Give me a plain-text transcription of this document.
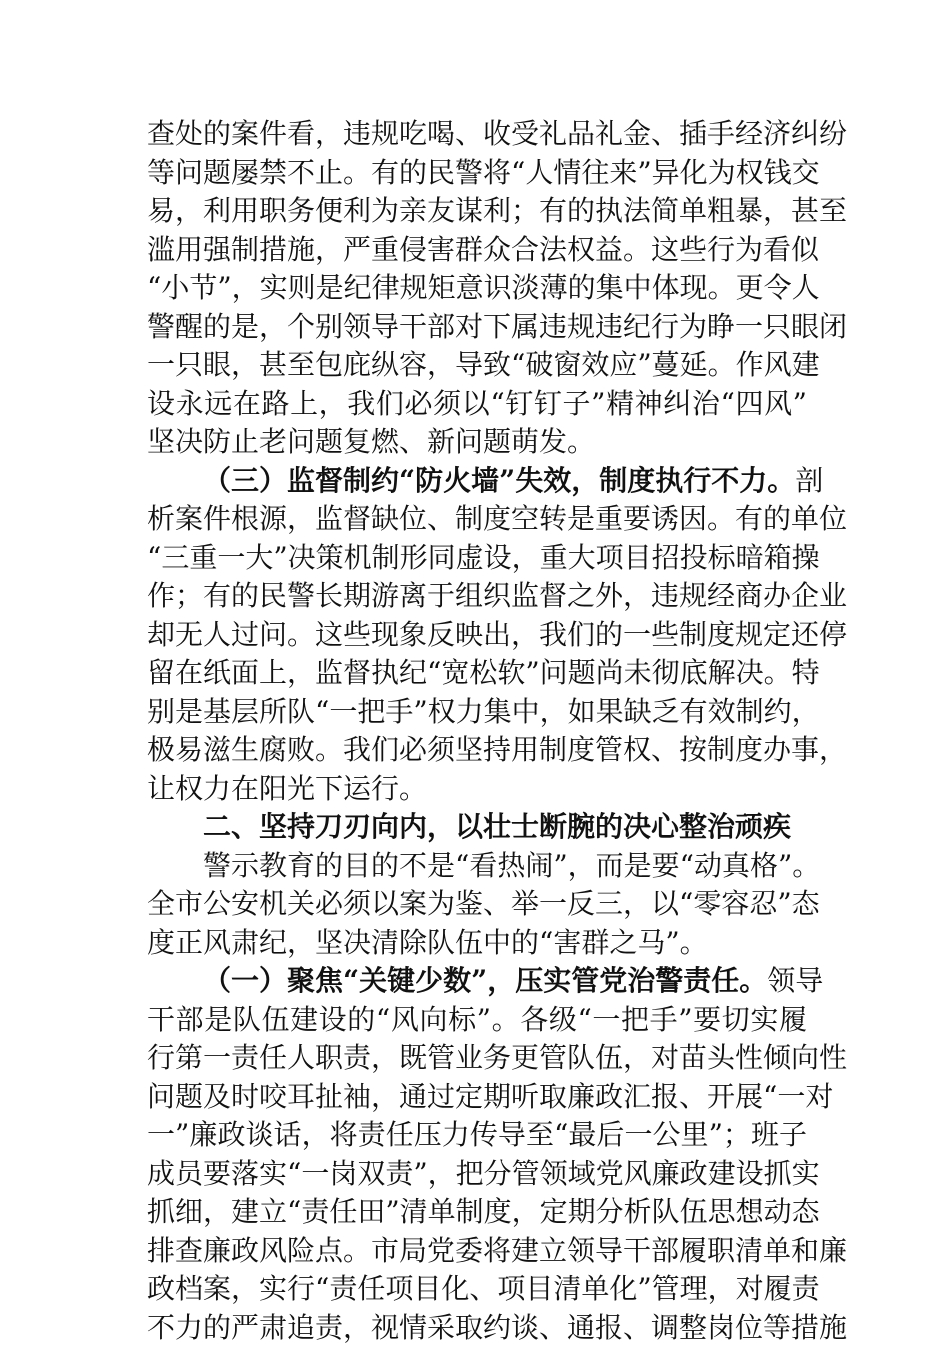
查处的案件看，违规吃喝、收受礼品礼金、插手经济纠纷
等问题屡禁不止。有的民警将“人情往来”异化为权钱交
易，利用职务便利为亲友谋利；有的执法简单粗暴，甚至
滥用强制措施，严重侵害群众合法权益。这些行为看似
“小节”，实则是纪律规矩意识淡薄的集中体现。更令人
警醒的是，个别领导干部对下属违规违纪行为睁一只眼闭
一只眼，甚至包庇纵容，导致“破窗效应”蔓延。作风建
设永远在路上，我们必须以“钉钉子”精神纠治“四风”
坚决防止老问题复燃、新问题萌发。
（三）监督制约“防火墙”失效，制度执行不力。剖
析案件根源，监督缺位、制度空转是重要诱因。有的单位
“三重一大”决策机制形同虚设，重大项目招投标暗箱操
作；有的民警长期游离于组织监督之外，违规经商办企业
却无人过问。这些现象反映出，我们的一些制度规定还停
留在纸面上，监督执纪“宽松软”问题尚未彻底解决。特
别是基层所队“一把手”权力集中，如果缺乏有效制约，
极易滋生腐败。我们必须坚持用制度管权、按制度办事，
让权力在阳光下运行。
二、坚持刀刃向内，以壮士断腕的决心整治顽疾
警示教育的目的不是“看热闹”，而是要“动真格”。
全市公安机关必须以案为鉴、举一反三，以“零容忍”态
度正风肃纪，坚决清除队伍中的“害群之马”。
（一）聚焦“关键少数”，压实管党治警责任。领导
干部是队伍建设的“风向标”。各级“一把手”要切实履
行第一责任人职责，既管业务更管队伍，对苗头性倾向性
问题及时咬耳扯袖，通过定期听取廉政汇报、开展“一对
一”廉政谈话，将责任压力传导至“最后一公里”；班子
成员要落实“一岗双责”，把分管领域党风廉政建设抓实
抓细，建立“责任田”清单制度，定期分析队伍思想动态
排查廉政风险点。市局党委将建立领导干部履职清单和廉
政档案，实行“责任项目化、项目清单化”管理，对履责
不力的严肃追责，视情采取约谈、通报、调整岗位等措施
